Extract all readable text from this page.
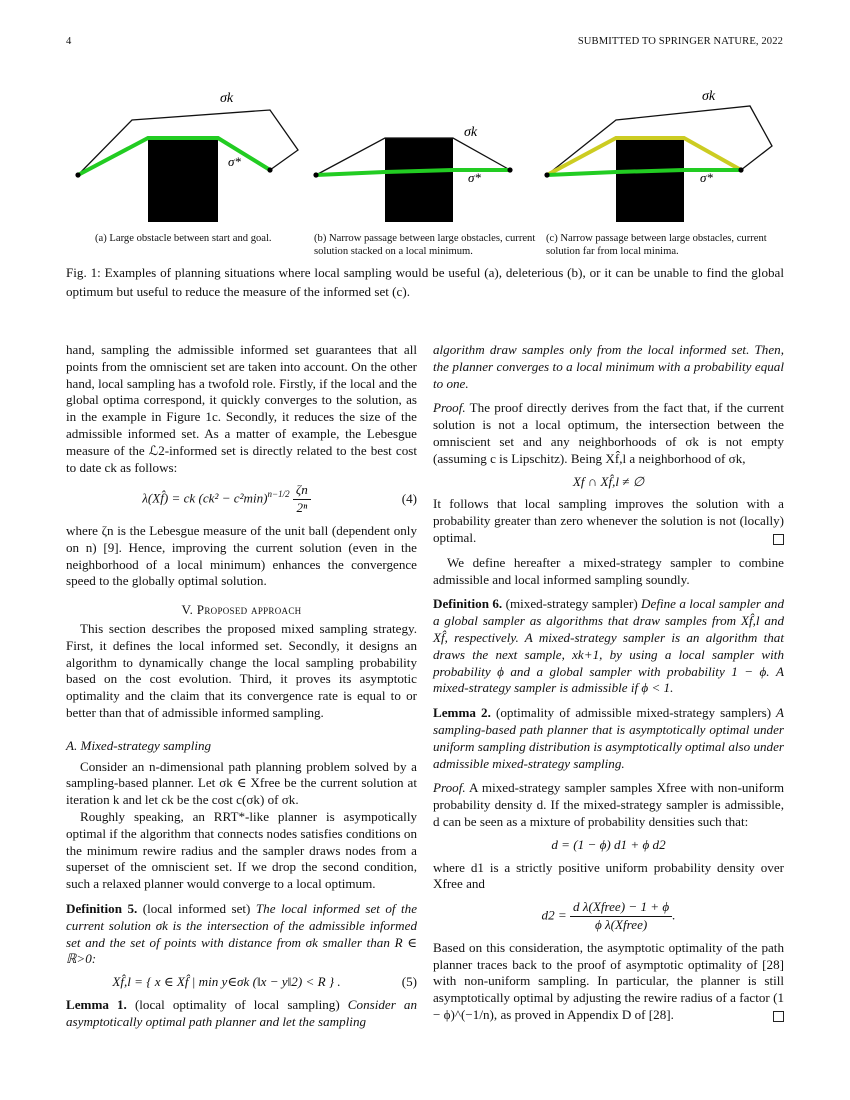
4	SUBMITTED TO SPRINGER NATURE, 2022
σk
σ*
σk
σ*
σk
σ*
(a) Large obstacle between start and goal.	(b) Narrow passage between large obstacles, current solution stacked on a local minimum.
(c) Narrow passage between large obstacles, current solution far from local minima.
Fig. 1: Examples of planning situations where local sampling would be useful (a), deleterious (b), or it can be unable to find the global optimum but useful to reduce the measure of the informed set (c).

hand, sampling the admissible informed set guarantees that all points from the omniscient set are taken into account. On the other hand, local sampling has a twofold role. Firstly, if the local and the global optima correspond, it quickly converges to the solution, as in the example in Figure 1c. Secondly, it reduces the size of the admissible informed set. As a matter of example, the Lebesgue measure of the ℒ2-informed set is directly related to the best cost to date ck as follows:

λ(Xf̂) = ck $(ck^2 - c^2\min)^{n-1/2} \frac{\zeta n}{\text{2ⁿ}}$	(4)

where ζn is the Lebesgue measure of the unit ball (dependent only on n) [9]. Hence, improving the current solution (even in the neighborhood of a local minimum) enhances the convergence speed to the globally optimal solution.

V. Proposed approach

This section describes the proposed mixed sampling strategy. First, it defines the local informed set. Secondly, it designs an algorithm to dynamically change the local sampling probability based on the cost evolution. Third, it proves its asymptotic optimality and the claim that its convergence rate is equal to or better than that of admissible informed sampling.

A. Mixed-strategy sampling

Consider an n-dimensional path planning problem solved by a sampling-based planner. Let σk ∈ Xfree be the current solution at iteration k and let ck be the cost c(σk) of σk.

Roughly speaking, an RRT*-like planner is asympotically optimal if the algorithm that connects nodes satisfies conditions on the minimum rewire radius and the sampler draws nodes from a superset of the omniscient set. If we drop the second condition, such a relaxed planner would converge to a local optimum.

Definition 5. (local informed set) The local informed set of the current solution σk is the intersection of the admissible informed set and the set of points with distance from σk smaller than R ∈ ℝ>0:

Xf̂,l = { x ∈ Xf̂ | min y∈σk (‖x − y‖2) < R } .	(5)

Lemma 1. (local optimality of local sampling) Consider an asymptotically optimal path planner and let the sampling

algorithm draw samples only from the local informed set. Then, the planner converges to a local minimum with a probability equal to one.

Proof. The proof directly derives from the fact that, if the current solution is not a local optimum, the intersection between the omniscient set and any neighborhoods of σk is not empty (assuming c is Lipschitz). Being Xf̂,l a neighborhood of σk,

Xf ∩ Xf̂,l ≠ ∅

It follows that local sampling improves the solution with a probability greater than zero whenever the solution is not (locally) optimal.

We define hereafter a mixed-strategy sampler to combine admissible and local informed sampling soundly.

Definition 6. (mixed-strategy sampler) Define a local sampler and a global sampler as algorithms that draw samples from Xf̂,l and Xf̂, respectively. A mixed-strategy sampler is an algorithm that draws the next sample, xk+1, by using a local sampler with probability ϕ and a global sampler with probability 1 − ϕ. A mixed-strategy sampler is admissible if ϕ < 1.

Lemma 2. (optimality of admissible mixed-strategy samplers) A sampling-based path planner that is asymptotically optimal under uniform sampling distribution is asymptotically optimal also under admissible mixed-strategy sampling.

Proof. A mixed-strategy sampler samples Xfree with non-uniform probability density d. If the mixed-strategy sampler is admissible, d can be seen as a mixture of probability densities such that:

d = (1 − ϕ) d1 + ϕ d2

where d1 is a strictly positive uniform probability density over Xfree and

$d2 = \frac{\text{d λ(Xfree) − 1 + ϕ}}{\text{ϕ λ(Xfree)}}$ .

Based on this consideration, the asymptotic optimality of the path planner traces back to the proof of asymptotic optimality of [28] with non-uniform sampling. In particular, the planner is still asymptotically optimal by adjusting the rewire radius of a factor (1 − ϕ)^(−1/n), as proved in Appendix D of [28].
